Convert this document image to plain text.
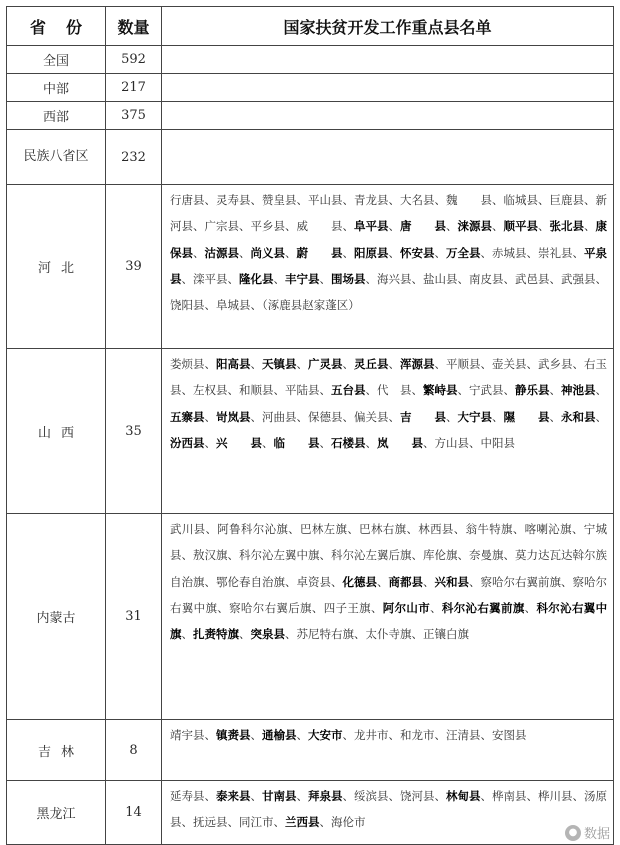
省份	数量	国家扶贫开发工作重点县名单
全国	592	
中部	217	
西部	375	
民族八省区	232	
河北	39	行唐县、灵寿县、赞皇县、平山县、青龙县、大名县、魏　　县、临城县、巨鹿县、新河县、广宗县、平乡县、威　　县、阜平县、唐　　县、涞源县、顺平县、张北县、康保县、沽源县、尚义县、蔚　　县、阳原县、怀安县、万全县、赤城县、崇礼县、平泉县、滦平县、隆化县、丰宁县、围场县、海兴县、盐山县、南皮县、武邑县、武强县、饶阳县、阜城县、（涿鹿县赵家蓬区）
山西	35	娄烦县、阳高县、天镇县、广灵县、灵丘县、浑源县、平顺县、壶关县、武乡县、右玉县、左权县、和顺县、平陆县、五台县、代　县、繁峙县、宁武县、静乐县、神池县、五寨县、岢岚县、河曲县、保德县、偏关县、吉　　县、大宁县、隰　　县、永和县、汾西县、兴　　县、临　　县、石楼县、岚　　县、方山县、中阳县
内蒙古	31	武川县、阿鲁科尔沁旗、巴林左旗、巴林右旗、林西县、翁牛特旗、喀喇沁旗、宁城县、敖汉旗、科尔沁左翼中旗、科尔沁左翼后旗、库伦旗、奈曼旗、莫力达瓦达斡尔族自治旗、鄂伦春自治旗、卓资县、化德县、商都县、兴和县、察哈尔右翼前旗、察哈尔右翼中旗、察哈尔右翼后旗、四子王旗、阿尔山市、科尔沁右翼前旗、科尔沁右翼中旗、扎赉特旗、突泉县、苏尼特右旗、太仆寺旗、正镶白旗
吉林	8	靖宇县、镇赉县、通榆县、大安市、龙井市、和龙市、汪清县、安图县
黑龙江	14	延寿县、泰来县、甘南县、拜泉县、绥滨县、饶河县、林甸县、桦南县、桦川县、汤原县、抚远县、同江市、兰西县、海伦市
● 数据
